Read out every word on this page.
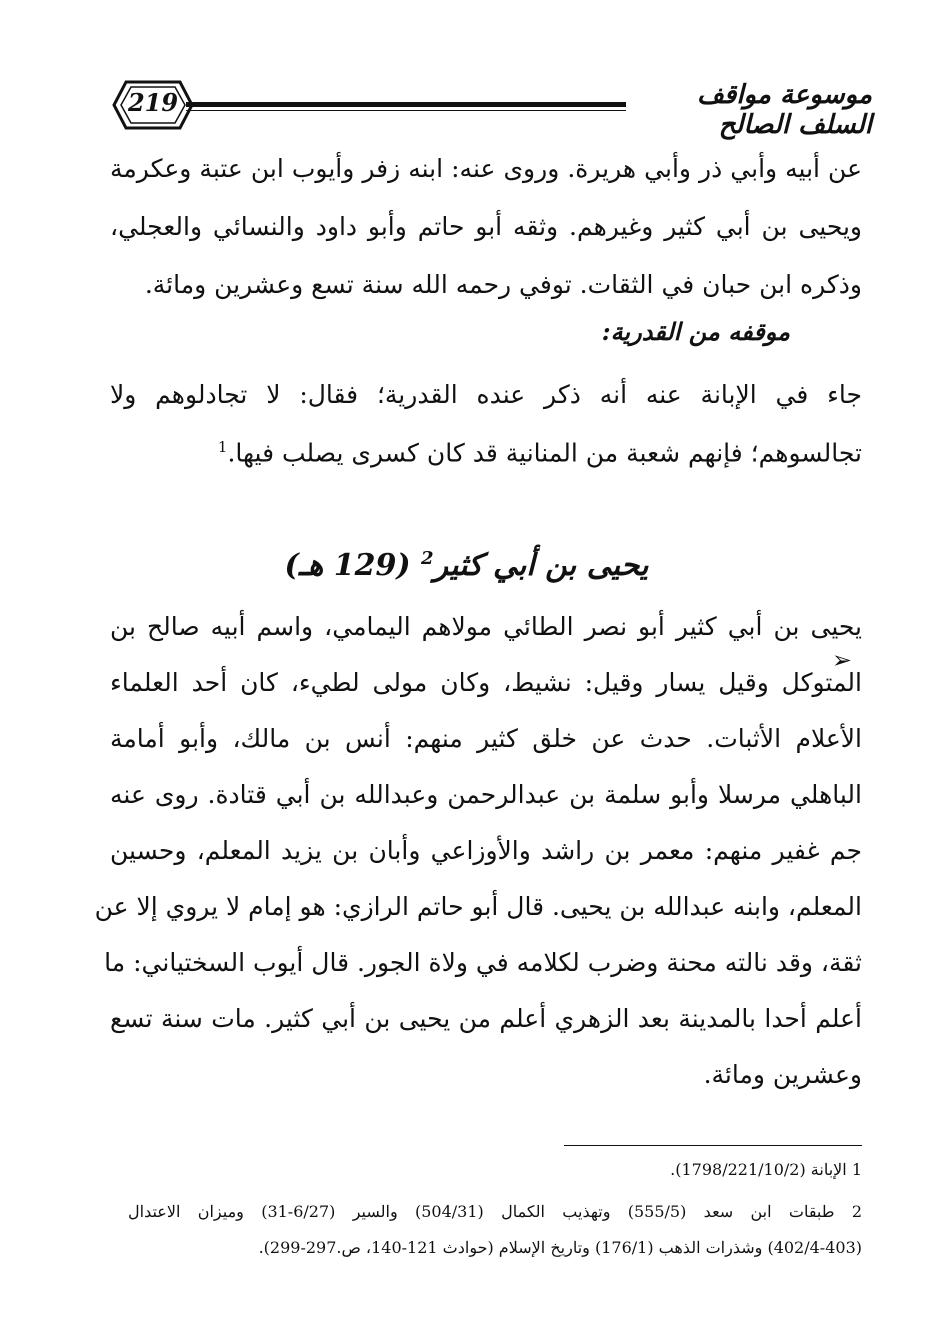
219	موسوعة مواقف السلف الصالح
عن أبيه وأبي ذر وأبي هريرة. وروى عنه: ابنه زفر وأيوب ابن عتبة وعكرمة
ويحيى بن أبي كثير وغيرهم. وثقه أبو حاتم وأبو داود والنسائي والعجلي،
وذكره ابن حبان في الثقات. توفي رحمه الله سنة تسع وعشرين ومائة.
➢
موقفه من القدرية:
جاء في الإبانة عنه أنه ذكر عنده القدرية؛ فقال: لا تجادلوهم ولا
تجالسوهم؛ فإنهم شعبة من المنانية قد كان كسرى يصلب فيها.$^1$
يحيى بن أبي كثير$^2$ (129 هـ)
يحيى بن أبي كثير أبو نصر الطائي مولاهم اليمامي، واسم أبيه صالح بن
المتوكل وقيل يسار وقيل: نشيط، وكان مولى لطيء، كان أحد العلماء
الأعلام الأثبات. حدث عن خلق كثير منهم: أنس بن مالك، وأبو أمامة
الباهلي مرسلا وأبو سلمة بن عبدالرحمن وعبدالله بن أبي قتادة. روى عنه
جم غفير منهم: معمر بن راشد والأوزاعي وأبان بن يزيد المعلم، وحسين
المعلم، وابنه عبدالله بن يحيى. قال أبو حاتم الرازي: هو إمام لا يروي إلا عن
ثقة، وقد نالته محنة وضرب لكلامه في ولاة الجور. قال أيوب السختياني: ما
أعلم أحدا بالمدينة بعد الزهري أعلم من يحيى بن أبي كثير. مات سنة تسع
وعشرين ومائة.
1 الإبانة (1798/221/10/2).
2 طبقات ابن سعد (555/5) وتهذيب الكمال (504/31) والسير (6/27-31) وميزان الاعتدال
(402/4-403) وشذرات الذهب (176/1) وتاريخ الإسلام (حوادث 121-140، ص.297-299).
